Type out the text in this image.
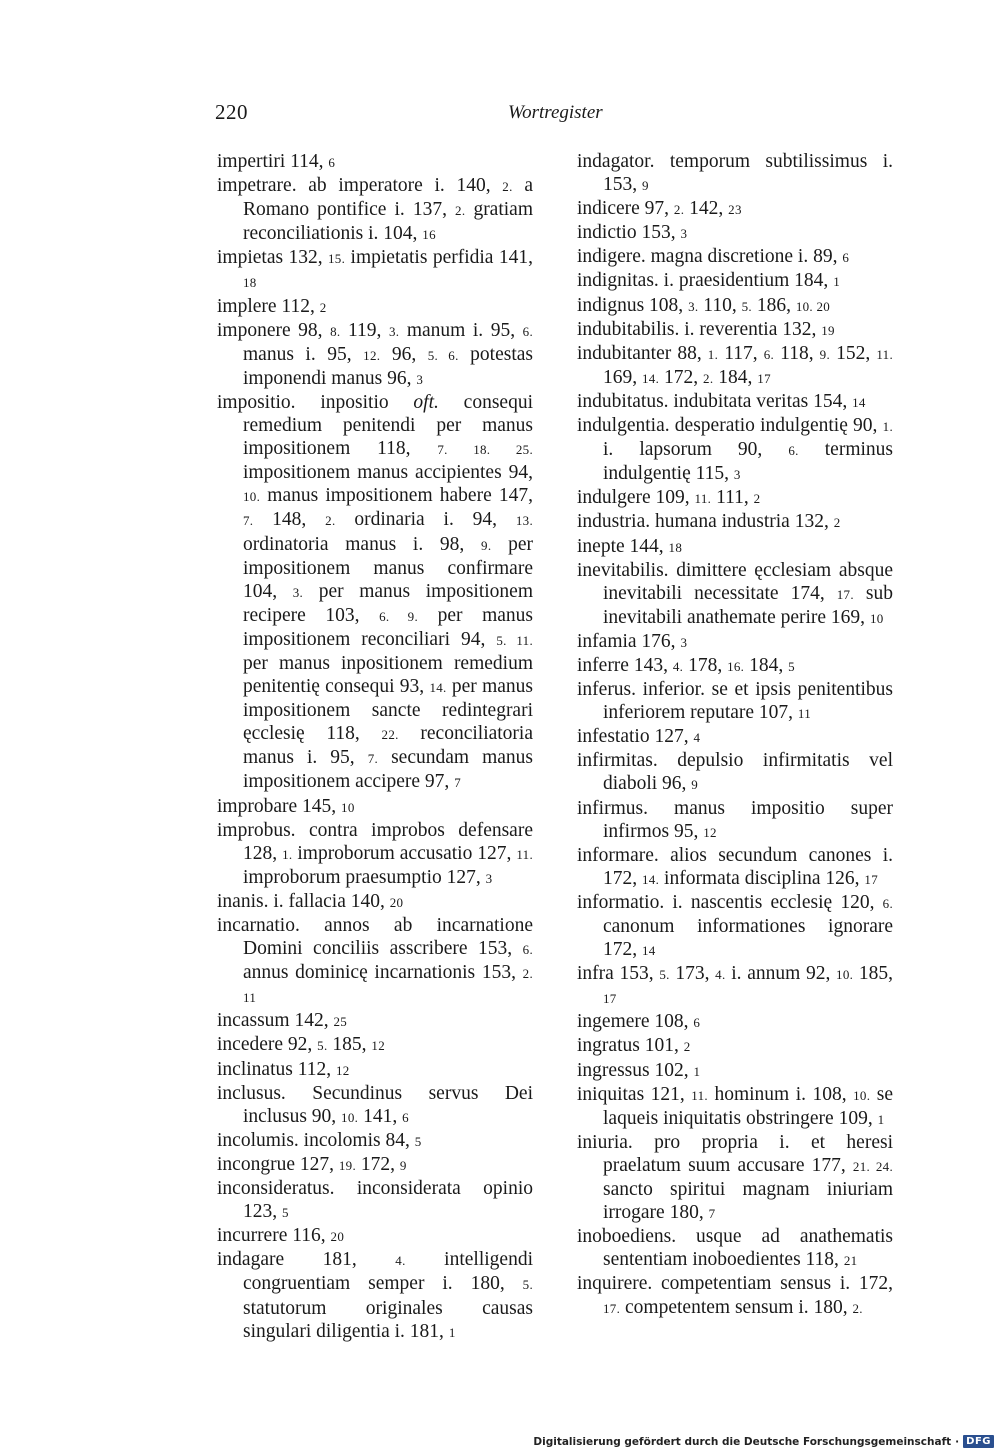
220	Wortregister
impertiri 114, 6
impetrare. ab imperatore i. 140, 2. a Romano pontifice i. 137, 2. gratiam reconciliationis i. 104, 16
impietas 132, 15. impietatis perfidia 141, 18
implere 112, 2
imponere 98, 8. 119, 3. manum i. 95, 6. manus i. 95, 12. 96, 5. 6. potestas imponendi manus 96, 3
impositio. inpositio oft. consequi remedium penitendi per manus impositionem 118, 7. 18. 25. impositionem manus accipientes 94, 10. manus impositionem habere 147, 7. 148, 2. ordinaria i. 94, 13. ordinatoria manus i. 98, 9. per impositionem manus confirmare 104, 3. per manus impositionem recipere 103, 6. 9. per manus impositionem reconciliari 94, 5. 11. per manus inpositionem remedium penitentię consequi 93, 14. per manus impositionem sancte redintegrari ęcclesię 118, 22. reconciliatoria manus i. 95, 7. secundam manus impositionem accipere 97, 7
improbare 145, 10
improbus. contra improbos defensare 128, 1. improborum accusatio 127, 11. improborum praesumptio 127, 3
inanis. i. fallacia 140, 20
incarnatio. annos ab incarnatione Domini conciliis asscribere 153, 6. annus dominicę incarnationis 153, 2. 11
incassum 142, 25
incedere 92, 5. 185, 12
inclinatus 112, 12
inclusus. Secundinus servus Dei inclusus 90, 10. 141, 6
incolumis. incolomis 84, 5
incongrue 127, 19. 172, 9
inconsideratus. inconsiderata opinio 123, 5
incurrere 116, 20
indagare 181, 4. intelligendi congruentiam semper i. 180, 5. statutorum originales causas singulari diligentia i. 181, 1
indagator. temporum subtilissimus i. 153, 9
indicere 97, 2. 142, 23
indictio 153, 3
indigere. magna discretione i. 89, 6
indignitas. i. praesidentium 184, 1
indignus 108, 3. 110, 5. 186, 10. 20
indubitabilis. i. reverentia 132, 19
indubitanter 88, 1. 117, 6. 118, 9. 152, 11. 169, 14. 172, 2. 184, 17
indubitatus. indubitata veritas 154, 14
indulgentia. desperatio indulgentię 90, 1. i. lapsorum 90, 6. terminus indulgentię 115, 3
indulgere 109, 11. 111, 2
industria. humana industria 132, 2
inepte 144, 18
inevitabilis. dimittere ęcclesiam absque inevitabili necessitate 174, 17. sub inevitabili anathemate perire 169, 10
infamia 176, 3
inferre 143, 4. 178, 16. 184, 5
inferus. inferior. se et ipsis penitentibus inferiorem reputare 107, 11
infestatio 127, 4
infirmitas. depulsio infirmitatis vel diaboli 96, 9
infirmus. manus impositio super infirmos 95, 12
informare. alios secundum canones i. 172, 14. informata disciplina 126, 17
informatio. i. nascentis ecclesię 120, 6. canonum informationes ignorare 172, 14
infra 153, 5. 173, 4. i. annum 92, 10. 185, 17
ingemere 108, 6
ingratus 101, 2
ingressus 102, 1
iniquitas 121, 11. hominum i. 108, 10. se laqueis iniquitatis obstringere 109, 1
iniuria. pro propria i. et heresi praelatum suum accusare 177, 21. 24. sancto spiritui magnam iniuriam irrogare 180, 7
inoboediens. usque ad anathematis sententiam inoboedientes 118, 21
inquirere. competentiam sensus i. 172, 17. competentem sensum i. 180, 2.
Digitalisierung gefördert durch die Deutsche Forschungsgemeinschaft · DFG
